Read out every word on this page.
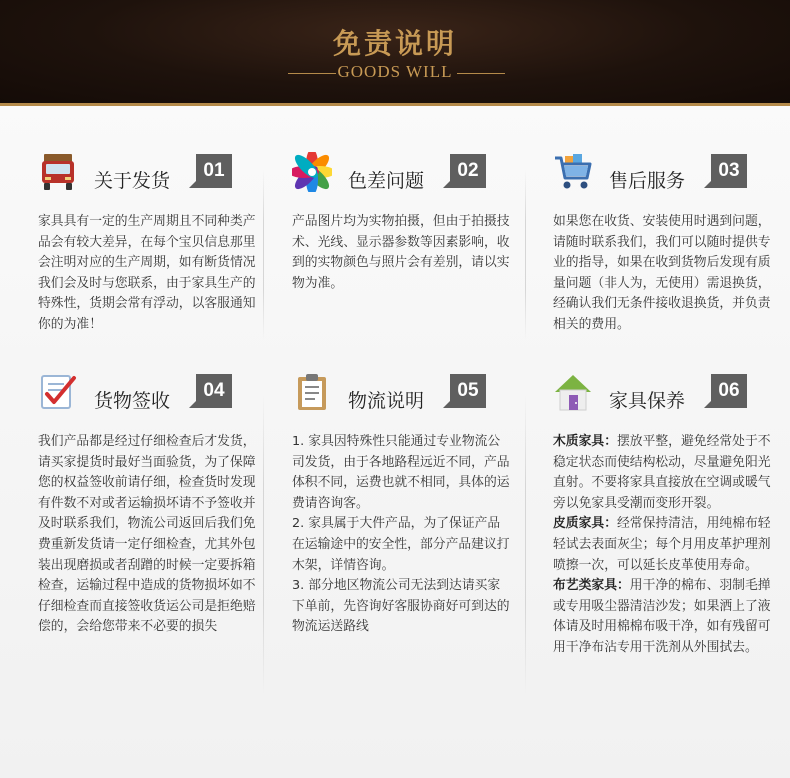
免责说明
GOODS WILL
关于发货	01

家具具有一定的生产周期且不同种类产品会有较大差异，在每个宝贝信息那里会注明对应的生产周期，如有断货情况我们会及时与您联系，由于家具生产的特殊性，货期会常有浮动，以客服通知你的为准！

色差问题	02

产品图片均为实物拍摄，但由于拍摄技术、光线、显示器参数等因素影响，收到的实物颜色与照片会有差别，请以实物为准。

售后服务	03

如果您在收货、安装使用时遇到问题，请随时联系我们，我们可以随时提供专业的指导，如果在收到货物后发现有质量问题（非人为，无使用）需退换货，经确认我们无条件接收退换货，并负责相关的费用。

货物签收	04

我们产品都是经过仔细检查后才发货，请买家提货时最好当面验货，为了保障您的权益签收前请仔细，检查货时发现有件数不对或者运输损坏请不予签收并及时联系我们，物流公司返回后我们免费重新发货请一定仔细检查，尤其外包装出现磨损或者刮蹭的时候一定要拆箱检查，运输过程中造成的货物损坏如不仔细检查而直接签收货运公司是拒绝赔偿的，会给您带来不必要的损失

物流说明	05

1. 家具因特殊性只能通过专业物流公司发货，由于各地路程远近不同，产品体积不同，运费也就不相同，具体的运费请咨询客。

2. 家具属于大件产品，为了保证产品在运输途中的安全性，部分产品建议打木架，详情咨询。

3. 部分地区物流公司无法到达请买家下单前，先咨询好客服协商好可到达的物流运送路线

家具保养	06

木质家具：摆放平整，避免经常处于不稳定状态而使结构松动，尽量避免阳光直射。不要将家具直接放在空调或暖气旁以免家具受潮而变形开裂。

皮质家具：经常保持清洁，用纯棉布轻轻试去表面灰尘；每个月用皮革护理剂喷擦一次，可以延长皮革使用寿命。

布艺类家具：用干净的棉布、羽制毛掸或专用吸尘器清洁沙发；如果洒上了液体请及时用棉棉布吸干净，如有残留可用干净布沾专用干洗剂从外围拭去。
